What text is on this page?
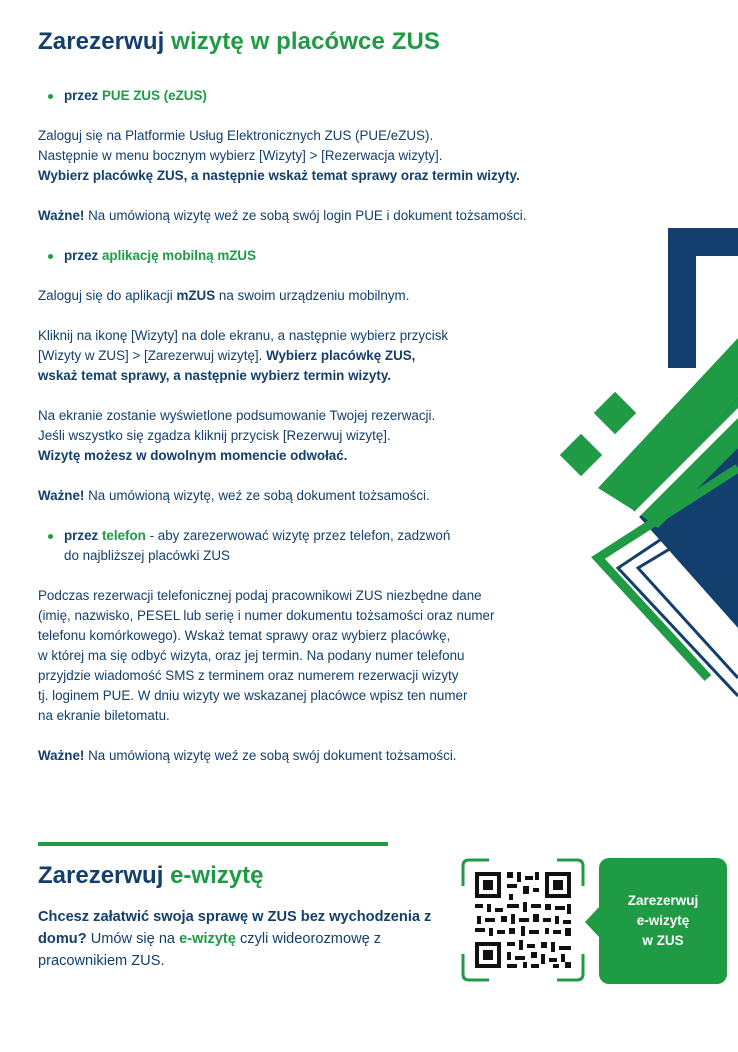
Zarezerwuj wizytę w placówce ZUS

przez PUE ZUS (eZUS)

Zaloguj się na Platformie Usług Elektronicznych ZUS (PUE/eZUS).

Następnie w menu bocznym wybierz [Wizyty] > [Rezerwacja wizyty].

Wybierz placówkę ZUS, a następnie wskaż temat sprawy oraz termin wizyty.

Ważne! Na umówioną wizytę weź ze sobą swój login PUE i dokument tożsamości.

przez aplikację mobilną mZUS

Zaloguj się do aplikacji mZUS na swoim urządzeniu mobilnym.

Kliknij na ikonę [Wizyty] na dole ekranu, a następnie wybierz przycisk

[Wizyty w ZUS] > [Zarezerwuj wizytę]. Wybierz placówkę ZUS,

wskaż temat sprawy, a następnie wybierz termin wizyty.

Na ekranie zostanie wyświetlone podsumowanie Twojej rezerwacji.

Jeśli wszystko się zgadza kliknij przycisk [Rezerwuj wizytę].

Wizytę możesz w dowolnym momencie odwołać.

Ważne! Na umówioną wizytę, weź ze sobą dokument tożsamości.

przez telefon - aby zarezerwować wizytę przez telefon, zadzwoń

do najbliższej placówki ZUS

Podczas rezerwacji telefonicznej podaj pracownikowi ZUS niezbędne dane

(imię, nazwisko, PESEL lub serię i numer dokumentu tożsamości oraz numer

telefonu komórkowego). Wskaż temat sprawy oraz wybierz placówkę,

w której ma się odbyć wizyta, oraz jej termin. Na podany numer telefonu

przyjdzie wiadomość SMS z terminem oraz numerem rezerwacji wizyty

tj. loginem PUE. W dniu wizyty we wskazanej placówce wpisz ten numer

na ekranie biletomatu.

Ważne! Na umówioną wizytę weź ze sobą swój dokument tożsamości.

Zarezerwuj e-wizytę
Chcesz załatwić swoja sprawę w ZUS bez wychodzenia z domu? Umów się na e-wizytę czyli wideorozmowę z pracownikiem ZUS.
Zarezerwuj
e-wizytę
w ZUS
